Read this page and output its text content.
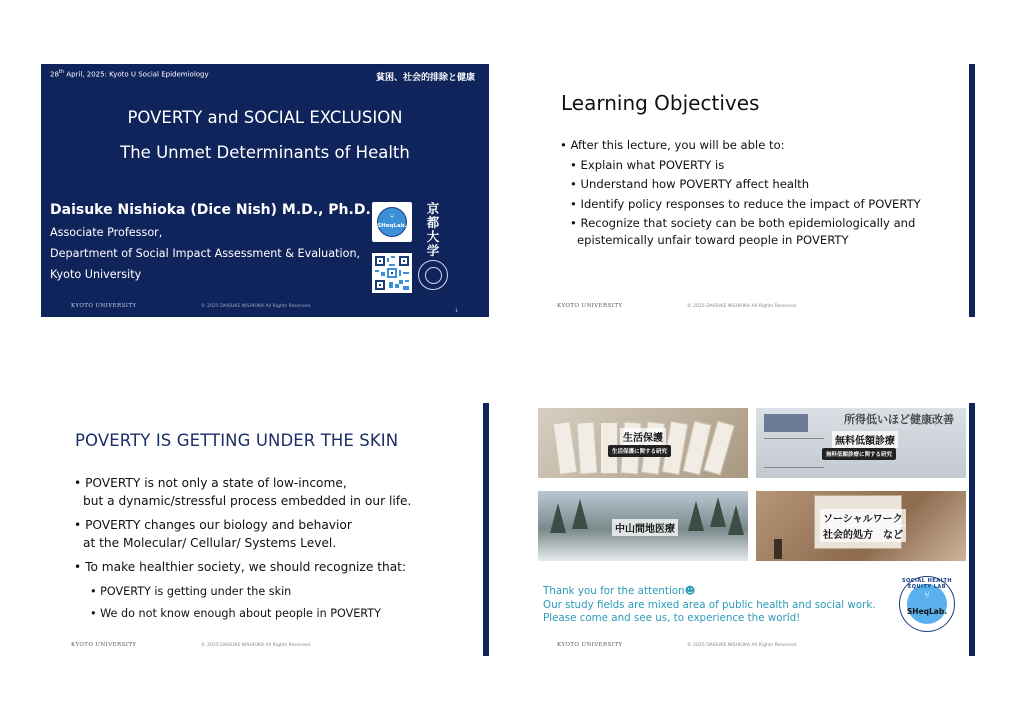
28th April, 2025: Kyoto U Social Epidemiology	貧困、社会的排除と健康
POVERTY and SOCIAL EXCLUSION
The Unmet Determinants of Health
Daisuke Nishioka (Dice Nish) M.D., Ph.D.
Associate Professor,
Department of Social Impact Assessment & Evaluation,
Kyoto University
⑂
SHeqLab.
京
都
大
学
KYOTO UNIVERSITY	© 2025 DAISUKE NISHIOKA All Rights Reserved.
1
Learning Objectives
• After this lecture, you will be able to:
• Explain what POVERTY is
• Understand how POVERTY affect health
• Identify policy responses to reduce the impact of POVERTY
• Recognize that society can be both epidemiologically and epistemically unfair toward people in POVERTY
KYOTO UNIVERSITY	© 2025 DAISUKE NISHIOKA All Rights Reserved.
POVERTY IS GETTING UNDER THE SKIN
• POVERTY is not only a state of low-income,
but a dynamic/stressful process embedded in our life.
• POVERTY changes our biology and behavior
at the Molecular/ Cellular/ Systems Level.
• To make healthier society, we should recognize that:
• POVERTY is getting under the skin
• We do not know enough about people in POVERTY
KYOTO UNIVERSITY	© 2025 DAISUKE NISHIOKA All Rights Reserved.
生活保護
生活保護に関する研究
所得低いほど健康改善
無料低額診療
無料低額診療に関する研究
中山間地医療
ソーシャルワーク
社会的処方　など
Thank you for the attention☻
Our study fields are mixed area of public health and social work.
Please come and see us, to experience the world!
SOCIAL HEALTH EQUITY LAB
⑂
SHeqLab.
KYOTO UNIVERSITY	© 2025 DAISUKE NISHIOKA All Rights Reserved.
